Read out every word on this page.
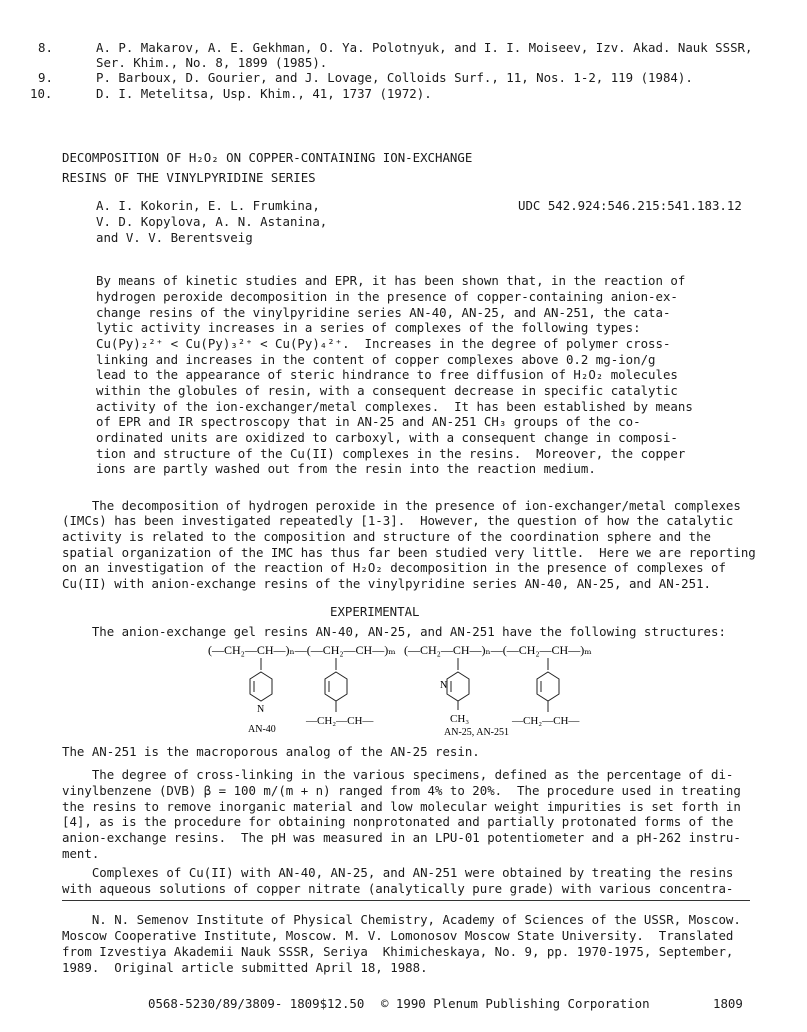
8.	A. P. Makarov, A. E. Gekhman, O. Ya. Polotnyuk, and I. I. Moiseev, Izv. Akad. Nauk SSSR,
Ser. Khim., No. 8, 1899 (1985).
9.	P. Barboux, D. Gourier, and J. Lovage, Colloids Surf., 11, Nos. 1-2, 119 (1984).
10.	D. I. Metelitsa, Usp. Khim., 41, 1737 (1972).
DECOMPOSITION OF H₂O₂ ON COPPER-CONTAINING ION-EXCHANGE
RESINS OF THE VINYLPYRIDINE SERIES
A. I. Kokorin, E. L. Frumkina,
V. D. Kopylova, A. N. Astanina,
and V. V. Berentsveig
UDC 542.924:546.215:541.183.12
By means of kinetic studies and EPR, it has been shown that, in the reaction of
hydrogen peroxide decomposition in the presence of copper-containing anion-ex-
change resins of the vinylpyridine series AN-40, AN-25, and AN-251, the cata-
lytic activity increases in a series of complexes of the following types:
Cu(Py)₂²⁺ < Cu(Py)₃²⁺ < Cu(Py)₄²⁺.  Increases in the degree of polymer cross-
linking and increases in the content of copper complexes above 0.2 mg-ion/g
lead to the appearance of steric hindrance to free diffusion of H₂O₂ molecules
within the globules of resin, with a consequent decrease in specific catalytic
activity of the ion-exchanger/metal complexes.  It has been established by means
of EPR and IR spectroscopy that in AN-25 and AN-251 CH₃ groups of the co-
ordinated units are oxidized to carboxyl, with a consequent change in composi-
tion and structure of the Cu(II) complexes in the resins.  Moreover, the copper
ions are partly washed out from the resin into the reaction medium.
The decomposition of hydrogen peroxide in the presence of ion-exchanger/metal complexes
(IMCs) has been investigated repeatedly [1-3].  However, the question of how the catalytic
activity is related to the composition and structure of the coordination sphere and the
spatial organization of the IMC has thus far been studied very little.  Here we are reporting
on an investigation of the reaction of H₂O₂ decomposition in the presence of complexes of
Cu(II) with anion-exchange resins of the vinylpyridine series AN-40, AN-25, and AN-251.
EXPERIMENTAL
The anion-exchange gel resins AN-40, AN-25, and AN-251 have the following structures:
(—CH₂—CH—)ₙ—(—CH₂—CH—)ₘ
N
—CH₂—CH—
AN-40
(—CH₂—CH—)ₙ—(—CH₂—CH—)ₘ
N
CH₃	—CH₂—CH—
AN-25, AN-251
The AN-251 is the macroporous analog of the AN-25 resin.
The degree of cross-linking in the various specimens, defined as the percentage of di-
vinylbenzene (DVB) β = 100 m/(m + n) ranged from 4% to 20%.  The procedure used in treating
the resins to remove inorganic material and low molecular weight impurities is set forth in
[4], as is the procedure for obtaining nonprotonated and partially protonated forms of the
anion-exchange resins.  The pH was measured in an LPU-01 potentiometer and a pH-262 instru-
ment.
Complexes of Cu(II) with AN-40, AN-25, and AN-251 were obtained by treating the resins
with aqueous solutions of copper nitrate (analytically pure grade) with various concentra-
N. N. Semenov Institute of Physical Chemistry, Academy of Sciences of the USSR, Moscow.
Moscow Cooperative Institute, Moscow. M. V. Lomonosov Moscow State University.  Translated
from Izvestiya Akademii Nauk SSSR, Seriya  Khimicheskaya, No. 9, pp. 1970-1975, September,
1989.  Original article submitted April 18, 1988.
0568-5230/89/3809- 1809$12.50 © 1990 Plenum Publishing Corporation	1809
